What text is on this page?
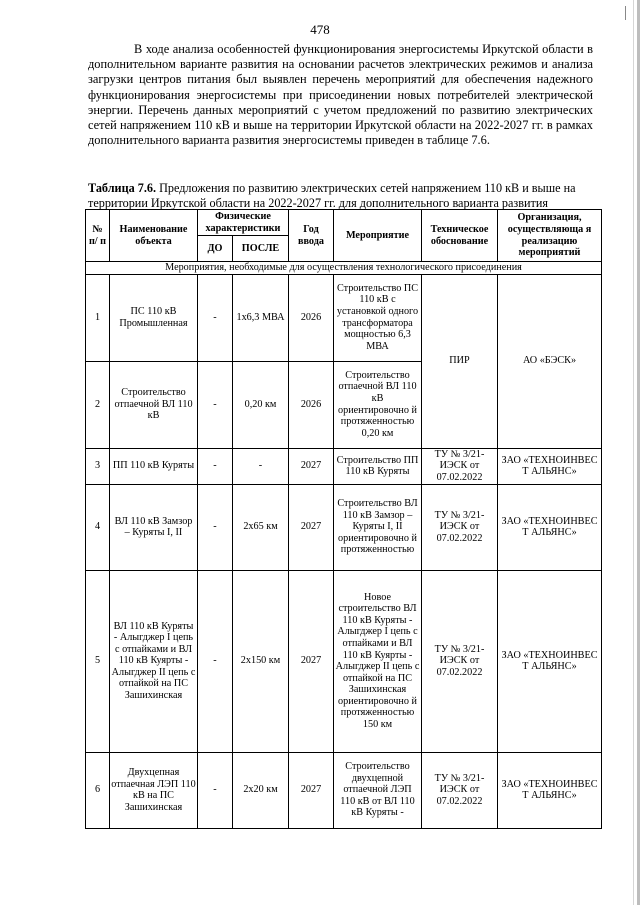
478

В ходе анализа особенностей функционирования энергосистемы Иркутской области в дополнительном варианте развития на основании расчетов электрических режимов и анализа загрузки центров питания был выявлен перечень мероприятий для обеспечения надежного функционирования энергосистемы при присоединении новых потребителей электрической энергии. Перечень данных мероприятий с учетом предложений по развитию электрических сетей напряжением 110 кВ и выше на территории Иркутской области на 2022-2027 гг. в рамках дополнительного варианта развития энергосистемы приведен в таблице 7.6.

Таблица 7.6. Предложения по развитию электрических сетей напряжением 110 кВ и выше на территории Иркутской области на 2022-2027 гг. для дополнительного варианта развития

№ п/ п	Наименование объекта	Физические характеристики		Год ввода	Мероприятие	Техническое обоснование	Организация, осуществляюща я реализацию мероприятий
		ДО	ПОСЛЕ				
Мероприятия, необходимые для осуществления технологического присоединения							
1	ПС 110 кВ Промышленная	-	1х6,3 МВА	2026	Строительство ПС 110 кВ с установкой одного трансформатора мощностью 6,3 МВА	ПИР	АО «БЭСК»
2	Строительство отпаечной ВЛ 110 кВ	-	0,20 км	2026	Строительство отпаечной ВЛ 110 кВ ориентировочно й протяженностью 0,20 км		
3	ПП 110 кВ Куряты	-	-	2027	Строительство ПП 110 кВ Куряты	ТУ № 3/21-ИЭСК от 07.02.2022	ЗАО «ТЕХНОИНВЕС Т АЛЬЯНС»
4	ВЛ 110 кВ Замзор – Куряты I, II	-	2х65 км	2027	Строительство ВЛ 110 кВ Замзор – Куряты I, II ориентировочно й протяженностью	ТУ № 3/21-ИЭСК от 07.02.2022	ЗАО «ТЕХНОИНВЕС Т АЛЬЯНС»
5	ВЛ 110 кВ Куряты - Алыгджер I цепь с отпайками и ВЛ 110 кВ Куярты - Алыгджер II цепь с отпайкой на ПС Зашихинская	-	2х150 км	2027	Новое строительство ВЛ 110 кВ Куряты - Алыгджер I цепь с отпайками и ВЛ 110 кВ Куярты - Алыгджер II цепь с отпайкой на ПС Зашихинская ориентировочно й протяженностью 150 км	ТУ № 3/21-ИЭСК от 07.02.2022	ЗАО «ТЕХНОИНВЕС Т АЛЬЯНС»
6	Двухцепная отпаечная ЛЭП 110 кВ на ПС Зашихинская	-	2х20 км	2027	Строительство двухцепной отпаечной ЛЭП 110 кВ от ВЛ 110 кВ Куряты -	ТУ № 3/21-ИЭСК от 07.02.2022	ЗАО «ТЕХНОИНВЕС Т АЛЬЯНС»
